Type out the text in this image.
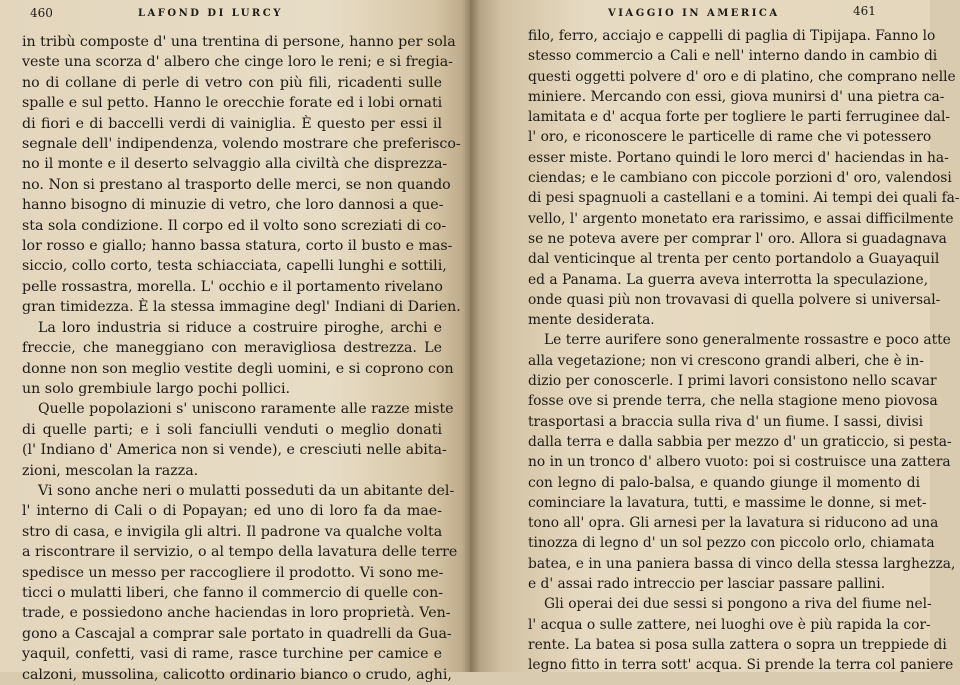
460	LAFOND DI LURCY
in tribù composte d' una trentina di persone, hanno per sola
veste una scorza d' albero che cinge loro le reni; e si fregia-
no di collane di perle di vetro con più fili, ricadenti sulle
spalle e sul petto. Hanno le orecchie forate ed i lobi ornati
di fiori e di baccelli verdi di vainiglia. È questo per essi il
segnale dell' indipendenza, volendo mostrare che preferisco-
no il monte e il deserto selvaggio alla civiltà che disprezza-
no. Non si prestano al trasporto delle merci, se non quando
hanno bisogno di minuzie di vetro, che loro dannosi a que-
sta sola condizione. Il corpo ed il volto sono screziati di co-
lor rosso e giallo; hanno bassa statura, corto il busto e mas-
siccio, collo corto, testa schiacciata, capelli lunghi e sottili,
pelle rossastra, morella. L' occhio e il portamento rivelano
gran timidezza. È la stessa immagine degl' Indiani di Darien.
La loro industria si riduce a costruire piroghe, archi e
freccie, che maneggiano con meravigliosa destrezza. Le
donne non son meglio vestite degli uomini, e si coprono con
un solo grembiule largo pochi pollici.
Quelle popolazioni s' uniscono raramente alle razze miste
di quelle parti; e i soli fanciulli venduti o meglio donati
(l' Indiano d' America non si vende), e cresciuti nelle abita-
zioni, mescolan la razza.
Vi sono anche neri o mulatti posseduti da un abitante del-
l' interno di Cali o di Popayan; ed uno di loro fa da mae-
stro di casa, e invigila gli altri. Il padrone va qualche volta
a riscontrare il servizio, o al tempo della lavatura delle terre
spedisce un messo per raccogliere il prodotto. Vi sono me-
ticci o mulatti liberi, che fanno il commercio di quelle con-
trade, e possiedono anche haciendas in loro proprietà. Ven-
gono a Cascajal a comprar sale portato in quadrelli da Gua-
yaquil, confetti, vasi di rame, rasce turchine per camice e
calzoni, mussolina, calicotto ordinario bianco o crudo, aghi,
VIAGGIO IN AMERICA	461
filo, ferro, acciajo e cappelli di paglia di Tipijapa. Fanno lo
stesso commercio a Cali e nell' interno dando in cambio di
questi oggetti polvere d' oro e di platino, che comprano nelle
miniere. Mercando con essi, giova munirsi d' una pietra ca-
lamitata e d' acqua forte per togliere le parti ferruginee dal-
l' oro, e riconoscere le particelle di rame che vi potessero
esser miste. Portano quindi le loro merci d' haciendas in ha-
ciendas; e le cambiano con piccole porzioni d' oro, valendosi
di pesi spagnuoli a castellani e a tomini. Ai tempi dei quali fa-
vello, l' argento monetato era rarissimo, e assai difficilmente
se ne poteva avere per comprar l' oro. Allora si guadagnava
dal venticinque al trenta per cento portandolo a Guayaquil
ed a Panama. La guerra aveva interrotta la speculazione,
onde quasi più non trovavasi di quella polvere si universal-
mente desiderata.
Le terre aurifere sono generalmente rossastre e poco atte
alla vegetazione; non vi crescono grandi alberi, che è in-
dizio per conoscerle. I primi lavori consistono nello scavar
fosse ove si prende terra, che nella stagione meno piovosa
trasportasi a braccia sulla riva d' un fiume. I sassi, divisi
dalla terra e dalla sabbia per mezzo d' un graticcio, si pesta-
no in un tronco d' albero vuoto: poi si costruisce una zattera
con legno di palo-balsa, e quando giunge il momento di
cominciare la lavatura, tutti, e massime le donne, si met-
tono all' opra. Gli arnesi per la lavatura si riducono ad una
tinozza di legno d' un sol pezzo con piccolo orlo, chiamata
batea, e in una paniera bassa di vinco della stessa larghezza,
e d' assai rado intreccio per lasciar passare pallini.
Gli operai dei due sessi si pongono a riva del fiume nel-
l' acqua o sulle zattere, nei luoghi ove è più rapida la cor-
rente. La batea si posa sulla zattera o sopra un treppiede di
legno fitto in terra sott' acqua. Si prende la terra col paniere
